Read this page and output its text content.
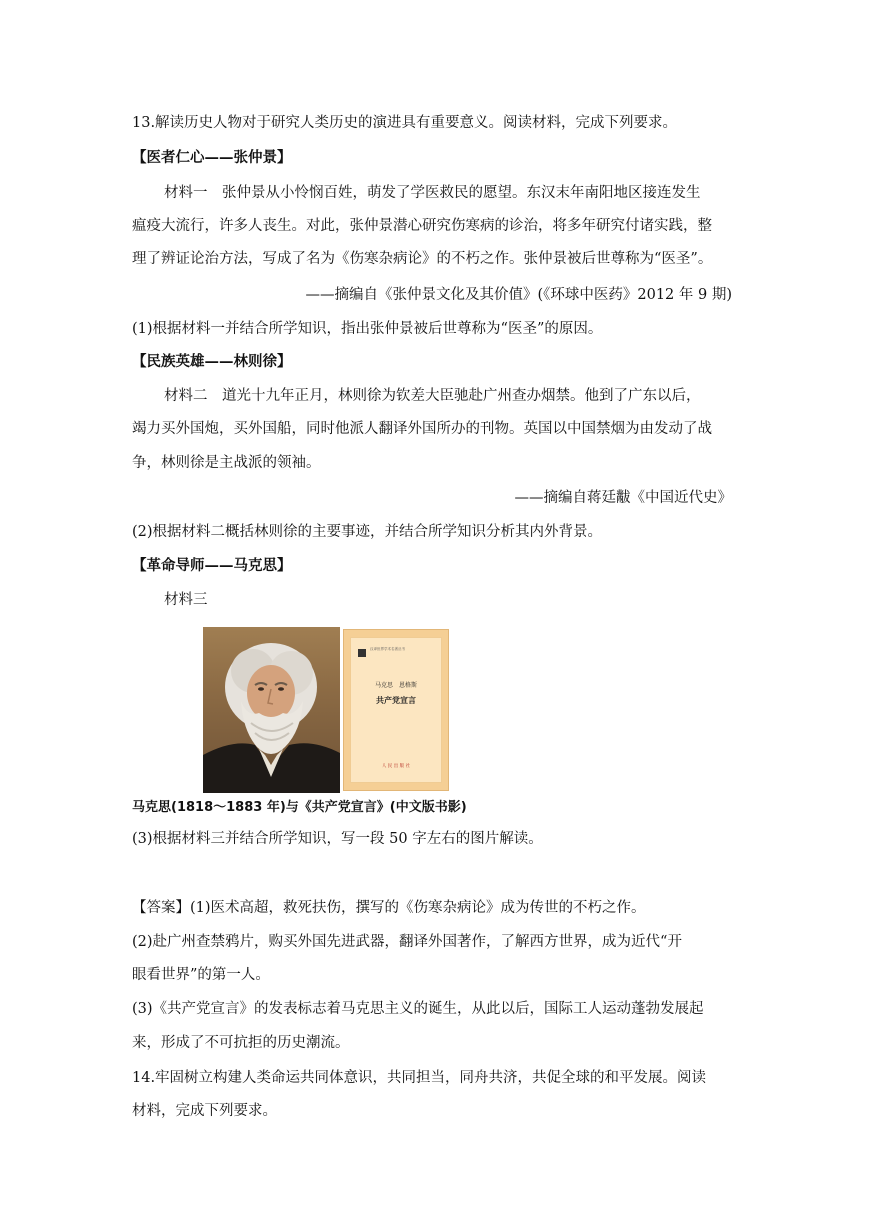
13.解读历史人物对于研究人类历史的演进具有重要意义。阅读材料，完成下列要求。
【医者仁心——张仲景】
材料一　张仲景从小怜悯百姓，萌发了学医救民的愿望。东汉末年南阳地区接连发生
瘟疫大流行，许多人丧生。对此，张仲景潜心研究伤寒病的诊治，将多年研究付诸实践，整
理了辨证论治方法，写成了名为《伤寒杂病论》的不朽之作。张仲景被后世尊称为“医圣”。
——摘编自《张仲景文化及其价值》(《环球中医药》2012 年 9 期)
(1)根据材料一并结合所学知识，指出张仲景被后世尊称为“医圣”的原因。
【民族英雄——林则徐】
材料二　道光十九年正月，林则徐为钦差大臣驰赴广州查办烟禁。他到了广东以后，
竭力买外国炮，买外国船，同时他派人翻译外国所办的刊物。英国以中国禁烟为由发动了战
争，林则徐是主战派的领袖。
——摘编自蒋廷黻《中国近代史》
(2)根据材料二概括林则徐的主要事迹，并结合所学知识分析其内外背景。
【革命导师——马克思】
材料三
汉译世界学术名著丛书
马克思　恩格斯
共产党宣言
人 民 出 版 社
马克思(1818～1883 年)与《共产党宣言》(中文版书影)
(3)根据材料三并结合所学知识，写一段 50 字左右的图片解读。
【答案】(1)医术高超，救死扶伤，撰写的《伤寒杂病论》成为传世的不朽之作。
(2)赴广州查禁鸦片，购买外国先进武器，翻译外国著作，了解西方世界，成为近代“开
眼看世界”的第一人。
(3)《共产党宣言》的发表标志着马克思主义的诞生，从此以后，国际工人运动蓬勃发展起
来，形成了不可抗拒的历史潮流。
14.牢固树立构建人类命运共同体意识，共同担当，同舟共济，共促全球的和平发展。阅读
材料，完成下列要求。
